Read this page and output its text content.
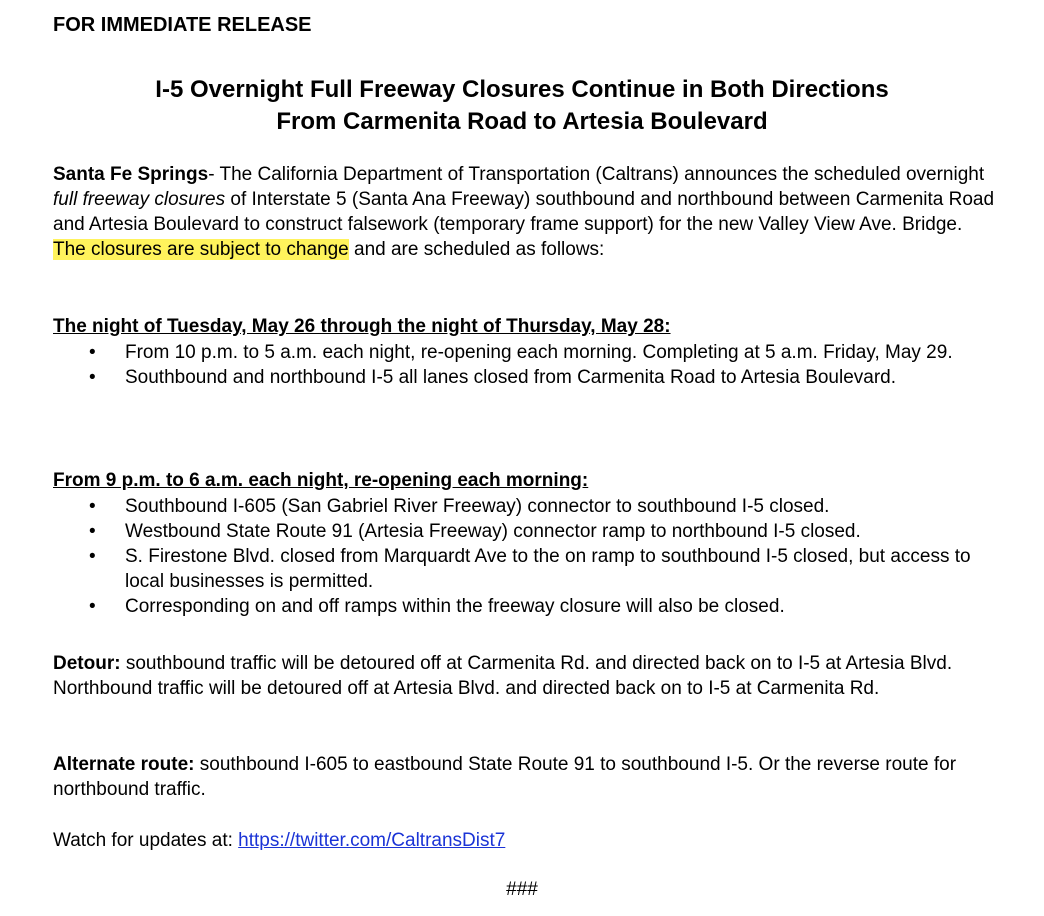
FOR IMMEDIATE RELEASE
I-5 Overnight Full Freeway Closures Continue in Both Directions
From Carmenita Road to Artesia Boulevard
Santa Fe Springs- The California Department of Transportation (Caltrans) announces the scheduled overnight full freeway closures of Interstate 5 (Santa Ana Freeway) southbound and northbound between Carmenita Road and Artesia Boulevard to construct falsework (temporary frame support) for the new Valley View Ave. Bridge. The closures are subject to change and are scheduled as follows:
The night of Tuesday, May 26 through the night of Thursday, May 28:
• From 10 p.m. to 5 a.m. each night, re-opening each morning. Completing at 5 a.m. Friday, May 29.
• Southbound and northbound I-5 all lanes closed from Carmenita Road to Artesia Boulevard.
From 9 p.m. to 6 a.m. each night, re-opening each morning:
• Southbound I-605 (San Gabriel River Freeway) connector to southbound I-5 closed.
• Westbound State Route 91 (Artesia Freeway) connector ramp to northbound I-5 closed.
• S. Firestone Blvd. closed from Marquardt Ave to the on ramp to southbound I-5 closed, but access to local businesses is permitted.
• Corresponding on and off ramps within the freeway closure will also be closed.
Detour: southbound traffic will be detoured off at Carmenita Rd. and directed back on to I-5 at Artesia Blvd. Northbound traffic will be detoured off at Artesia Blvd. and directed back on to I-5 at Carmenita Rd.
Alternate route: southbound I-605 to eastbound State Route 91 to southbound I-5. Or the reverse route for northbound traffic.
Watch for updates at: https://twitter.com/CaltransDist7
###
